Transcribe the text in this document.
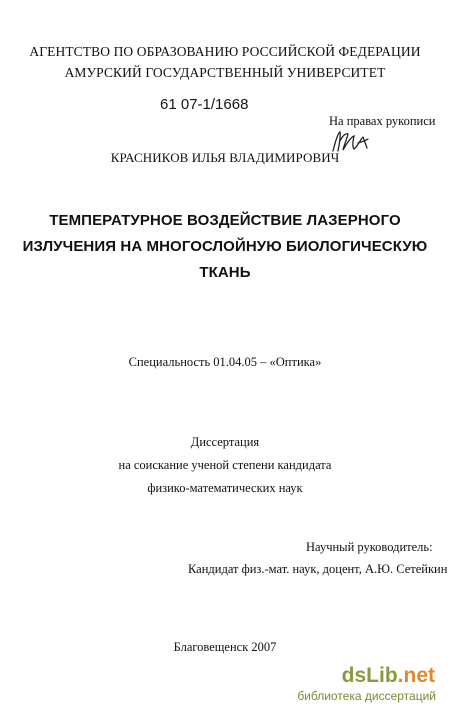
АГЕНТСТВО ПО ОБРАЗОВАНИЮ РОССИЙСКОЙ ФЕДЕРАЦИИ
АМУРСКИЙ ГОСУДАРСТВЕННЫЙ УНИВЕРСИТЕТ
61 07-1/1668
На правах рукописи
КРАСНИКОВ ИЛЬЯ ВЛАДИМИРОВИЧ
ТЕМПЕРАТУРНОЕ ВОЗДЕЙСТВИЕ ЛАЗЕРНОГО
ИЗЛУЧЕНИЯ НА МНОГОСЛОЙНУЮ БИОЛОГИЧЕСКУЮ
ТКАНЬ
Специальность 01.04.05 – «Оптика»
Диссертация
на соискание ученой степени кандидата
физико-математических наук
Научный руководитель:
Кандидат физ.-мат. наук, доцент, А.Ю. Сетейкин
Благовещенск 2007
dsLib.net
библиотека диссертаций
